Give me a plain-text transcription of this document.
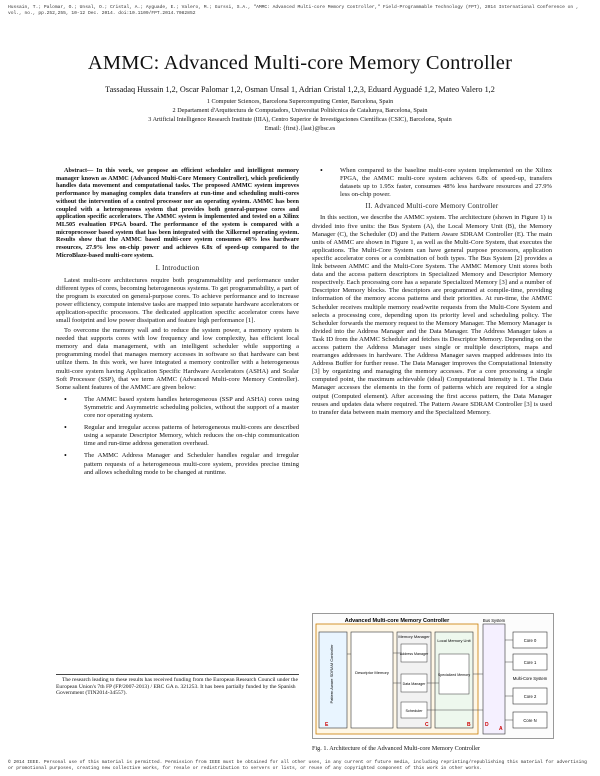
Hussain, T.; Palomar, O.; Unsal, O.; Cristal, A.; Ayguade, E.; Valero, M.; Gurssi, S.A., "AMMC: Advanced Multi-core Memory Controller," Field-Programmable Technology (FPT), 2014 International Conference on , vol., no., pp.252,255, 10-12 Dec. 2014. doi:10.1109/FPT.2014.7082852
AMMC: Advanced Multi-core Memory Controller
Tassadaq Hussain 1,2, Oscar Palomar 1,2, Osman Unsal 1, Adrian Cristal 1,2,3, Eduard Ayguadé 1,2, Mateo Valero 1,2
1 Computer Sciences, Barcelona Supercomputing Center, Barcelona, Spain
2 Departament d'Arquitectura de Computadors, Universitat Politècnica de Catalunya, Barcelona, Spain
3 Artificial Intelligence Research Institute (IIIA), Centro Superior de Investigaciones Científicas (CSIC), Barcelona, Spain
Email: {first}.{last}@bsc.es

Abstract— In this work, we propose an efficient scheduler and intelligent memory manager known as AMMC (Advanced Multi-Core Memory Controller), which proficiently handles data movement and computational tasks. The proposed AMMC system improves performance by managing complex data transfers at run-time and scheduling multi-cores without the intervention of a control processor nor an operating system. AMMC has been coupled with a heterogeneous system that provides both general-purpose cores and application specific accelerators. The AMMC system is implemented and tested on a Xilinx ML505 evaluation FPGA board. The performance of the system is compared with a microprocessor based system that has been integrated with the Xilkernel operating system. Results show that the AMMC based multi-core system consumes 48% less hardware resources, 27.9% less on-chip power and achieves 6.8x of speed-up compared to the MicroBlaze-based multi-core system.

I. Introduction

Latest multi-core architectures require both programmability and performance under different types of cores, becoming heterogeneous systems. To get programmability, a part of the program is executed on general-purpose cores. To achieve performance and to increase power efficiency, compute intensive tasks are mapped into separate hardware accelerators or application-specific processors. The dedicated application specific accelerator cores have small footprint and low power dissipation and feature high performance [1].

To overcome the memory wall and to reduce the system power, a memory system is needed that supports cores with low frequency and low complexity, has efficient local memory and data management, with an intelligent scheduler while supporting a programming model that manages memory accesses in software so that hardware can best utilize them. In this work, we have integrated a memory controller with a heterogeneous multi-core system having Application Specific Hardware Accelerators (ASHA) and Scalar Soft Processor (SSP), that we term AMMC (Advanced Multi-core Memory Controller). Some salient features of the AMMC are given below:

• The AMMC based system handles heterogeneous (SSP and ASHA) cores using Symmetric and Asymmetric scheduling policies, without the support of a master core nor operating system.
• Regular and irregular access patterns of heterogeneous multi-cores are described using a separate Descriptor Memory, which reduces the on-chip communication time and run-time address generation overhead.
• The AMMC Address Manager and Scheduler handles regular and irregular pattern requests of a heterogeneous multi-core system, provides precise timing and allows scheduling mode to be changed at runtime.
The research leading to these results has received funding from the European Research Council under the European Union's 7th FP (FP/2007-2013) / ERC GA n. 321253. It has been partially funded by the Spanish Government (TIN2014-34557).
• When compared to the baseline multi-core system implemented on the Xilinx FPGA, the AMMC multi-core system achieves 6.8x of speed-up, transfers datasets up to 1.95x faster, consumes 48% less hardware resources and 27.9% less on-chip power.
II. Advanced Multi-core Memory Controller

In this section, we describe the AMMC system. The architecture (shown in Figure 1) is divided into five units: the Bus System (A), the Local Memory Unit (B), the Memory Manager (C), the Scheduler (D) and the Pattern Aware SDRAM Controller (E). The main units of AMMC are shown in Figure 1, as well as the Multi-Core System, that executes the applications. The Multi-Core System can have general purpose processors, application specific accelerator cores or a combination of both types. The Bus System [2] provides a link between AMMC and the Multi-Core System. The AMMC Memory Unit stores both data and the access pattern descriptors in Specialized Memory and Descriptor Memory respectively. Each processing core has a separate Specialized Memory [3] and a number of Descriptor Memory blocks. The descriptors are programmed at compile-time, providing information of the memory access patterns and their priorities. At run-time, the AMMC Scheduler receives multiple memory read/write requests from the Multi-Core System and selects a processing core, depending upon its priority level and scheduling policy. The Scheduler forwards the memory request to the Memory Manager. The Memory Manager is divided into the Address Manager and the Data Manager. The Address Manager takes a Task ID from the AMMC Scheduler and fetches its Descriptor Memory. Depending on the access pattern the Address Manager uses single or multiple descriptors, maps and rearranges addresses in hardware. The Address Manager saves mapped addresses into its Address Buffer for further reuse. The Data Manager improves the Computational Intensity [3] by organizing and managing the memory accesses. For a core processing a single computed point, the maximum achievable (ideal) Computational Intensity is 1. The Data Manager accesses the elements in the form of patterns which are required for a single output (Computed element). After accessing the first access pattern, the Data Manager reuses and updates data where required. The Pattern Aware SDRAM Controller [3] is used to transfer data between main memory and the Specialized Memory.

Advanced Multi-core Memory Controller
Pattern Aware SDRAM Controller
E
Descriptor Memory
Memory Manager
Address Manager
Data Manager
Scheduler
C
Local Memory Unit
Specialized Memory
B
Bus System
A
Core 0
Core 1
Multi-Core System
Core 2
Core N
D
Fig. 1. Architecture of the Advanced Multi-core Memory Controller
© 2014 IEEE. Personal use of this material is permitted. Permission from IEEE must be obtained for all other uses, in any current or future media, including reprinting/republishing this material for advertising or promotional purposes, creating new collective works, for resale or redistribution to servers or lists, or reuse of any copyrighted component of this work in other works.
